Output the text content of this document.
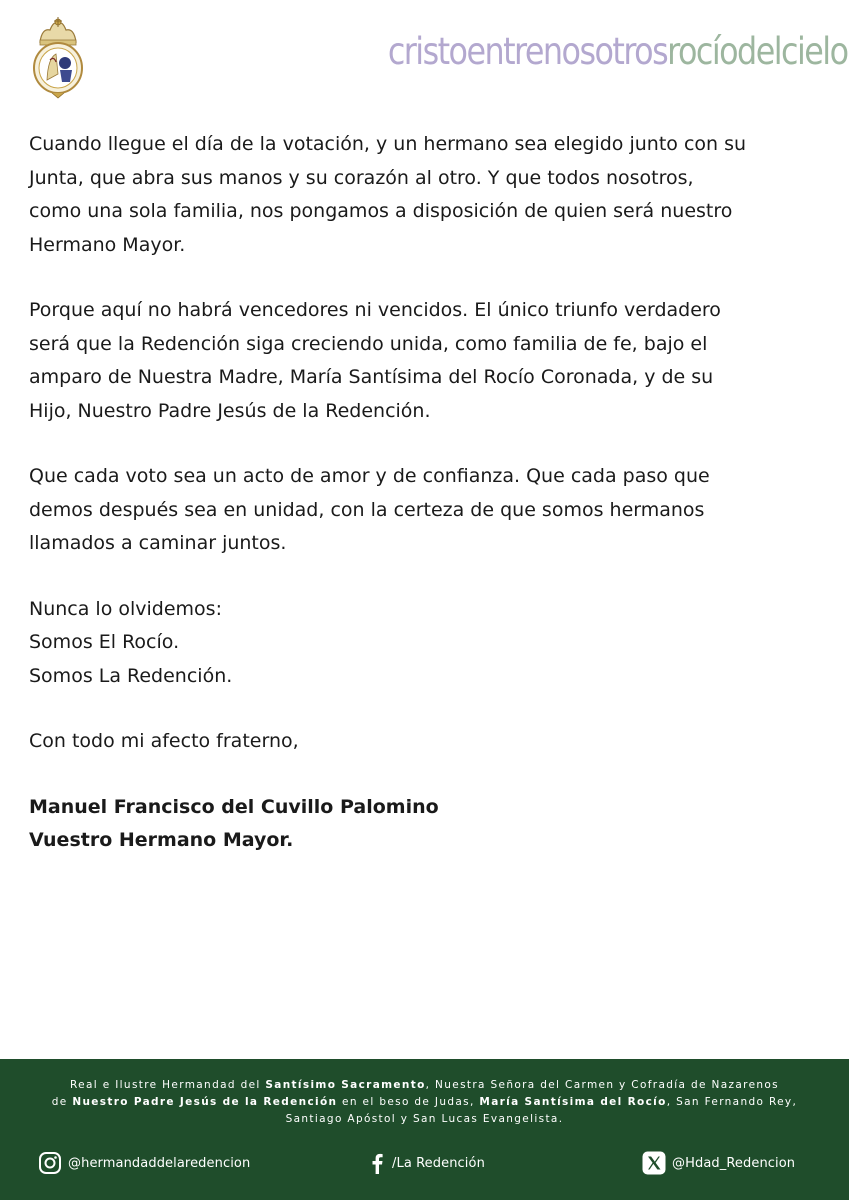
cristoentrenosotrosrocíodelcielo

Cuando llegue el día de la votación, y un hermano sea elegido junto con su
Junta, que abra sus manos y su corazón al otro. Y que todos nosotros,
como una sola familia, nos pongamos a disposición de quien será nuestro
Hermano Mayor.

Porque aquí no habrá vencedores ni vencidos. El único triunfo verdadero
será que la Redención siga creciendo unida, como familia de fe, bajo el
amparo de Nuestra Madre, María Santísima del Rocío Coronada, y de su
Hijo, Nuestro Padre Jesús de la Redención.

Que cada voto sea un acto de amor y de confianza. Que cada paso que
demos después sea en unidad, con la certeza de que somos hermanos
llamados a caminar juntos.

Nunca lo olvidemos:
Somos El Rocío.
Somos La Redención.

Con todo mi afecto fraterno,

Manuel Francisco del Cuvillo Palomino
Vuestro Hermano Mayor.

Real e Ilustre Hermandad del Santísimo Sacramento, Nuestra Señora del Carmen y Cofradía de Nazarenos
de Nuestro Padre Jesús de la Redención en el beso de Judas, María Santísima del Rocío, San Fernando Rey,
Santiago Apóstol y San Lucas Evangelista.
@hermandaddelaredencion	/La Redención	@Hdad_Redencion
